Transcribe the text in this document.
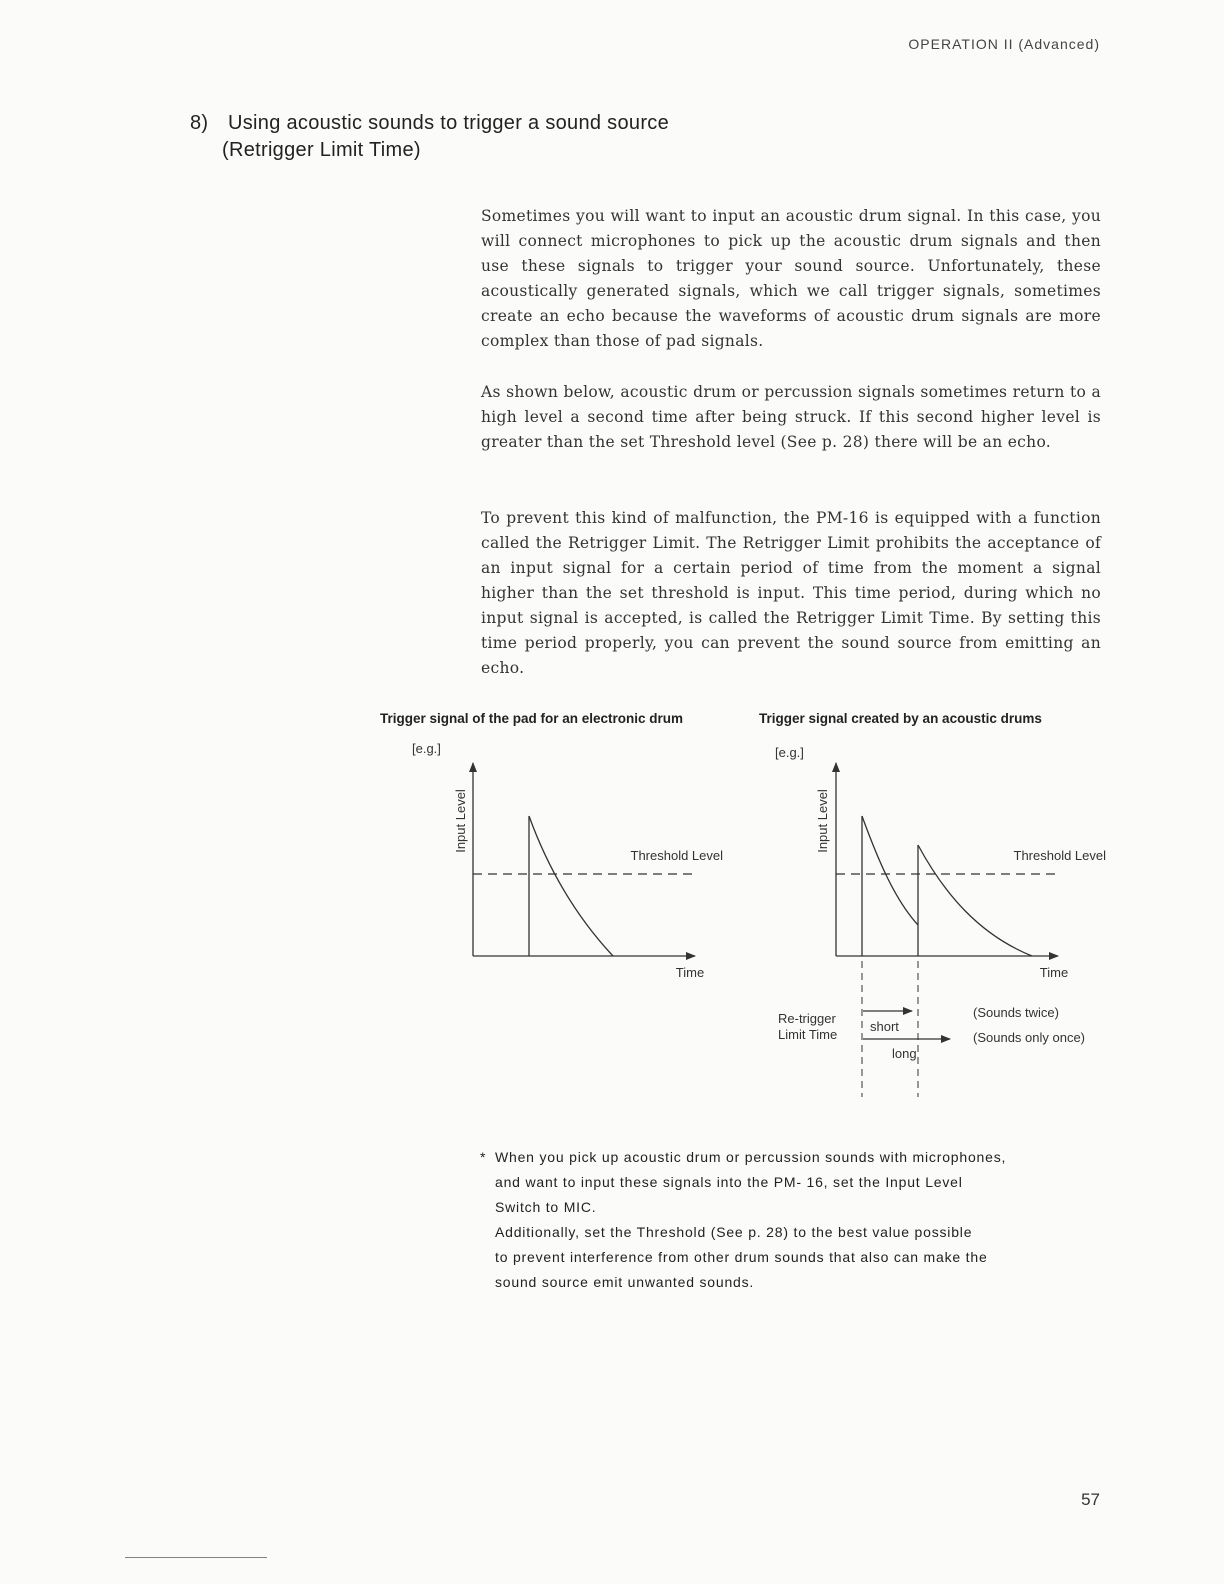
OPERATION II (Advanced)
8) Using acoustic sounds to trigger a sound source
(Retrigger Limit Time)

Sometimes you will want to input an acoustic drum signal. In this case, you will connect microphones to pick up the acoustic drum signals and then use these signals to trigger your sound source. Unfortunately, these acoustically generated signals, which we call trigger signals, sometimes create an echo because the waveforms of acoustic drum signals are more complex than those of pad signals.

As shown below, acoustic drum or percussion signals sometimes return to a high level a second time after being struck. If this second higher level is greater than the set Threshold level (See p. 28) there will be an echo.

To prevent this kind of malfunction, the PM-16 is equipped with a function called the Retrigger Limit. The Retrigger Limit prohibits the acceptance of an input signal for a certain period of time from the moment a signal higher than the set threshold is input. This time period, during which no input signal is accepted, is called the Retrigger Limit Time. By setting this time period properly, you can prevent the sound source from emitting an echo.

Trigger signal of the pad for an electronic drum	Trigger signal created by an acoustic drums
[e.g.]
Input Level
Threshold Level
Time
[e.g.]
Input Level
Threshold Level
Time
Re-trigger
Limit Time
short
long
(Sounds twice)
(Sounds only once)
* When you pick up acoustic drum or percussion sounds with microphones,
and want to input these signals into the PM- 16, set the Input Level
Switch to MIC.
Additionally, set the Threshold (See p. 28) to the best value possible
to prevent interference from other drum sounds that also can make the
sound source emit unwanted sounds.
57
